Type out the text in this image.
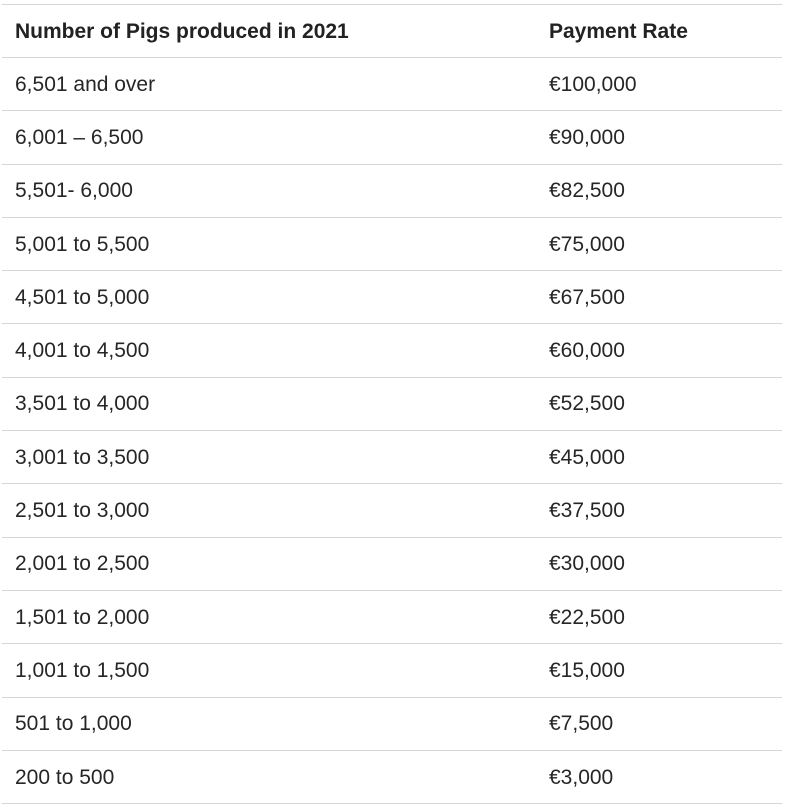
Number of Pigs produced in 2021	Payment Rate
6,501 and over	€100,000
6,001 – 6,500	€90,000
5,501- 6,000	€82,500
5,001 to 5,500	€75,000
4,501 to 5,000	€67,500
4,001 to 4,500	€60,000
3,501 to 4,000	€52,500
3,001 to 3,500	€45,000
2,501 to 3,000	€37,500
2,001 to 2,500	€30,000
1,501 to 2,000	€22,500
1,001 to 1,500	€15,000
501 to 1,000	€7,500
200 to 500	€3,000
